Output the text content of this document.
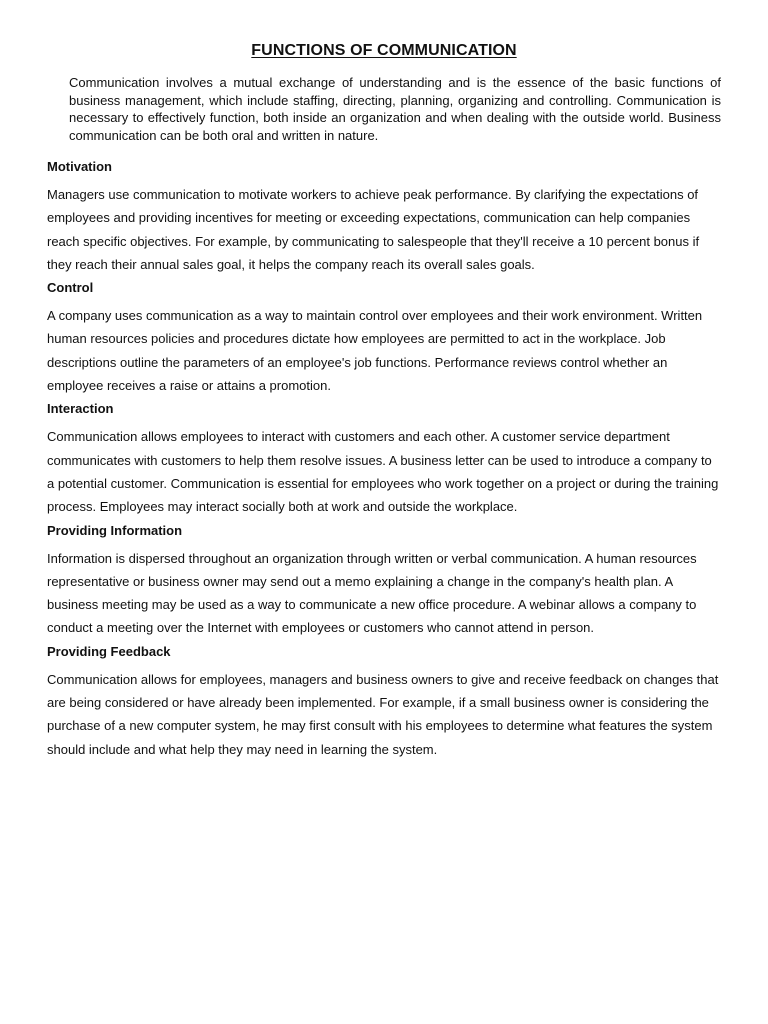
FUNCTIONS OF COMMUNICATION

Communication involves a mutual exchange of understanding and is the essence of the basic functions of business management, which include staffing, directing, planning, organizing and controlling. Communication is necessary to effectively function, both inside an organization and when dealing with the outside world. Business communication can be both oral and written in nature.

Motivation

Managers use communication to motivate workers to achieve peak performance. By clarifying the expectations of employees and providing incentives for meeting or exceeding expectations, communication can help companies reach specific objectives. For example, by communicating to salespeople that they'll receive a 10 percent bonus if they reach their annual sales goal, it helps the company reach its overall sales goals.

Control

A company uses communication as a way to maintain control over employees and their work environment. Written human resources policies and procedures dictate how employees are permitted to act in the workplace. Job descriptions outline the parameters of an employee's job functions. Performance reviews control whether an employee receives a raise or attains a promotion.

Interaction

Communication allows employees to interact with customers and each other. A customer service department communicates with customers to help them resolve issues. A business letter can be used to introduce a company to a potential customer. Communication is essential for employees who work together on a project or during the training process. Employees may interact socially both at work and outside the workplace.

Providing Information

Information is dispersed throughout an organization through written or verbal communication. A human resources representative or business owner may send out a memo explaining a change in the company's health plan. A business meeting may be used as a way to communicate a new office procedure. A webinar allows a company to conduct a meeting over the Internet with employees or customers who cannot attend in person.

Providing Feedback

Communication allows for employees, managers and business owners to give and receive feedback on changes that are being considered or have already been implemented. For example, if a small business owner is considering the purchase of a new computer system, he may first consult with his employees to determine what features the system should include and what help they may need in learning the system.
